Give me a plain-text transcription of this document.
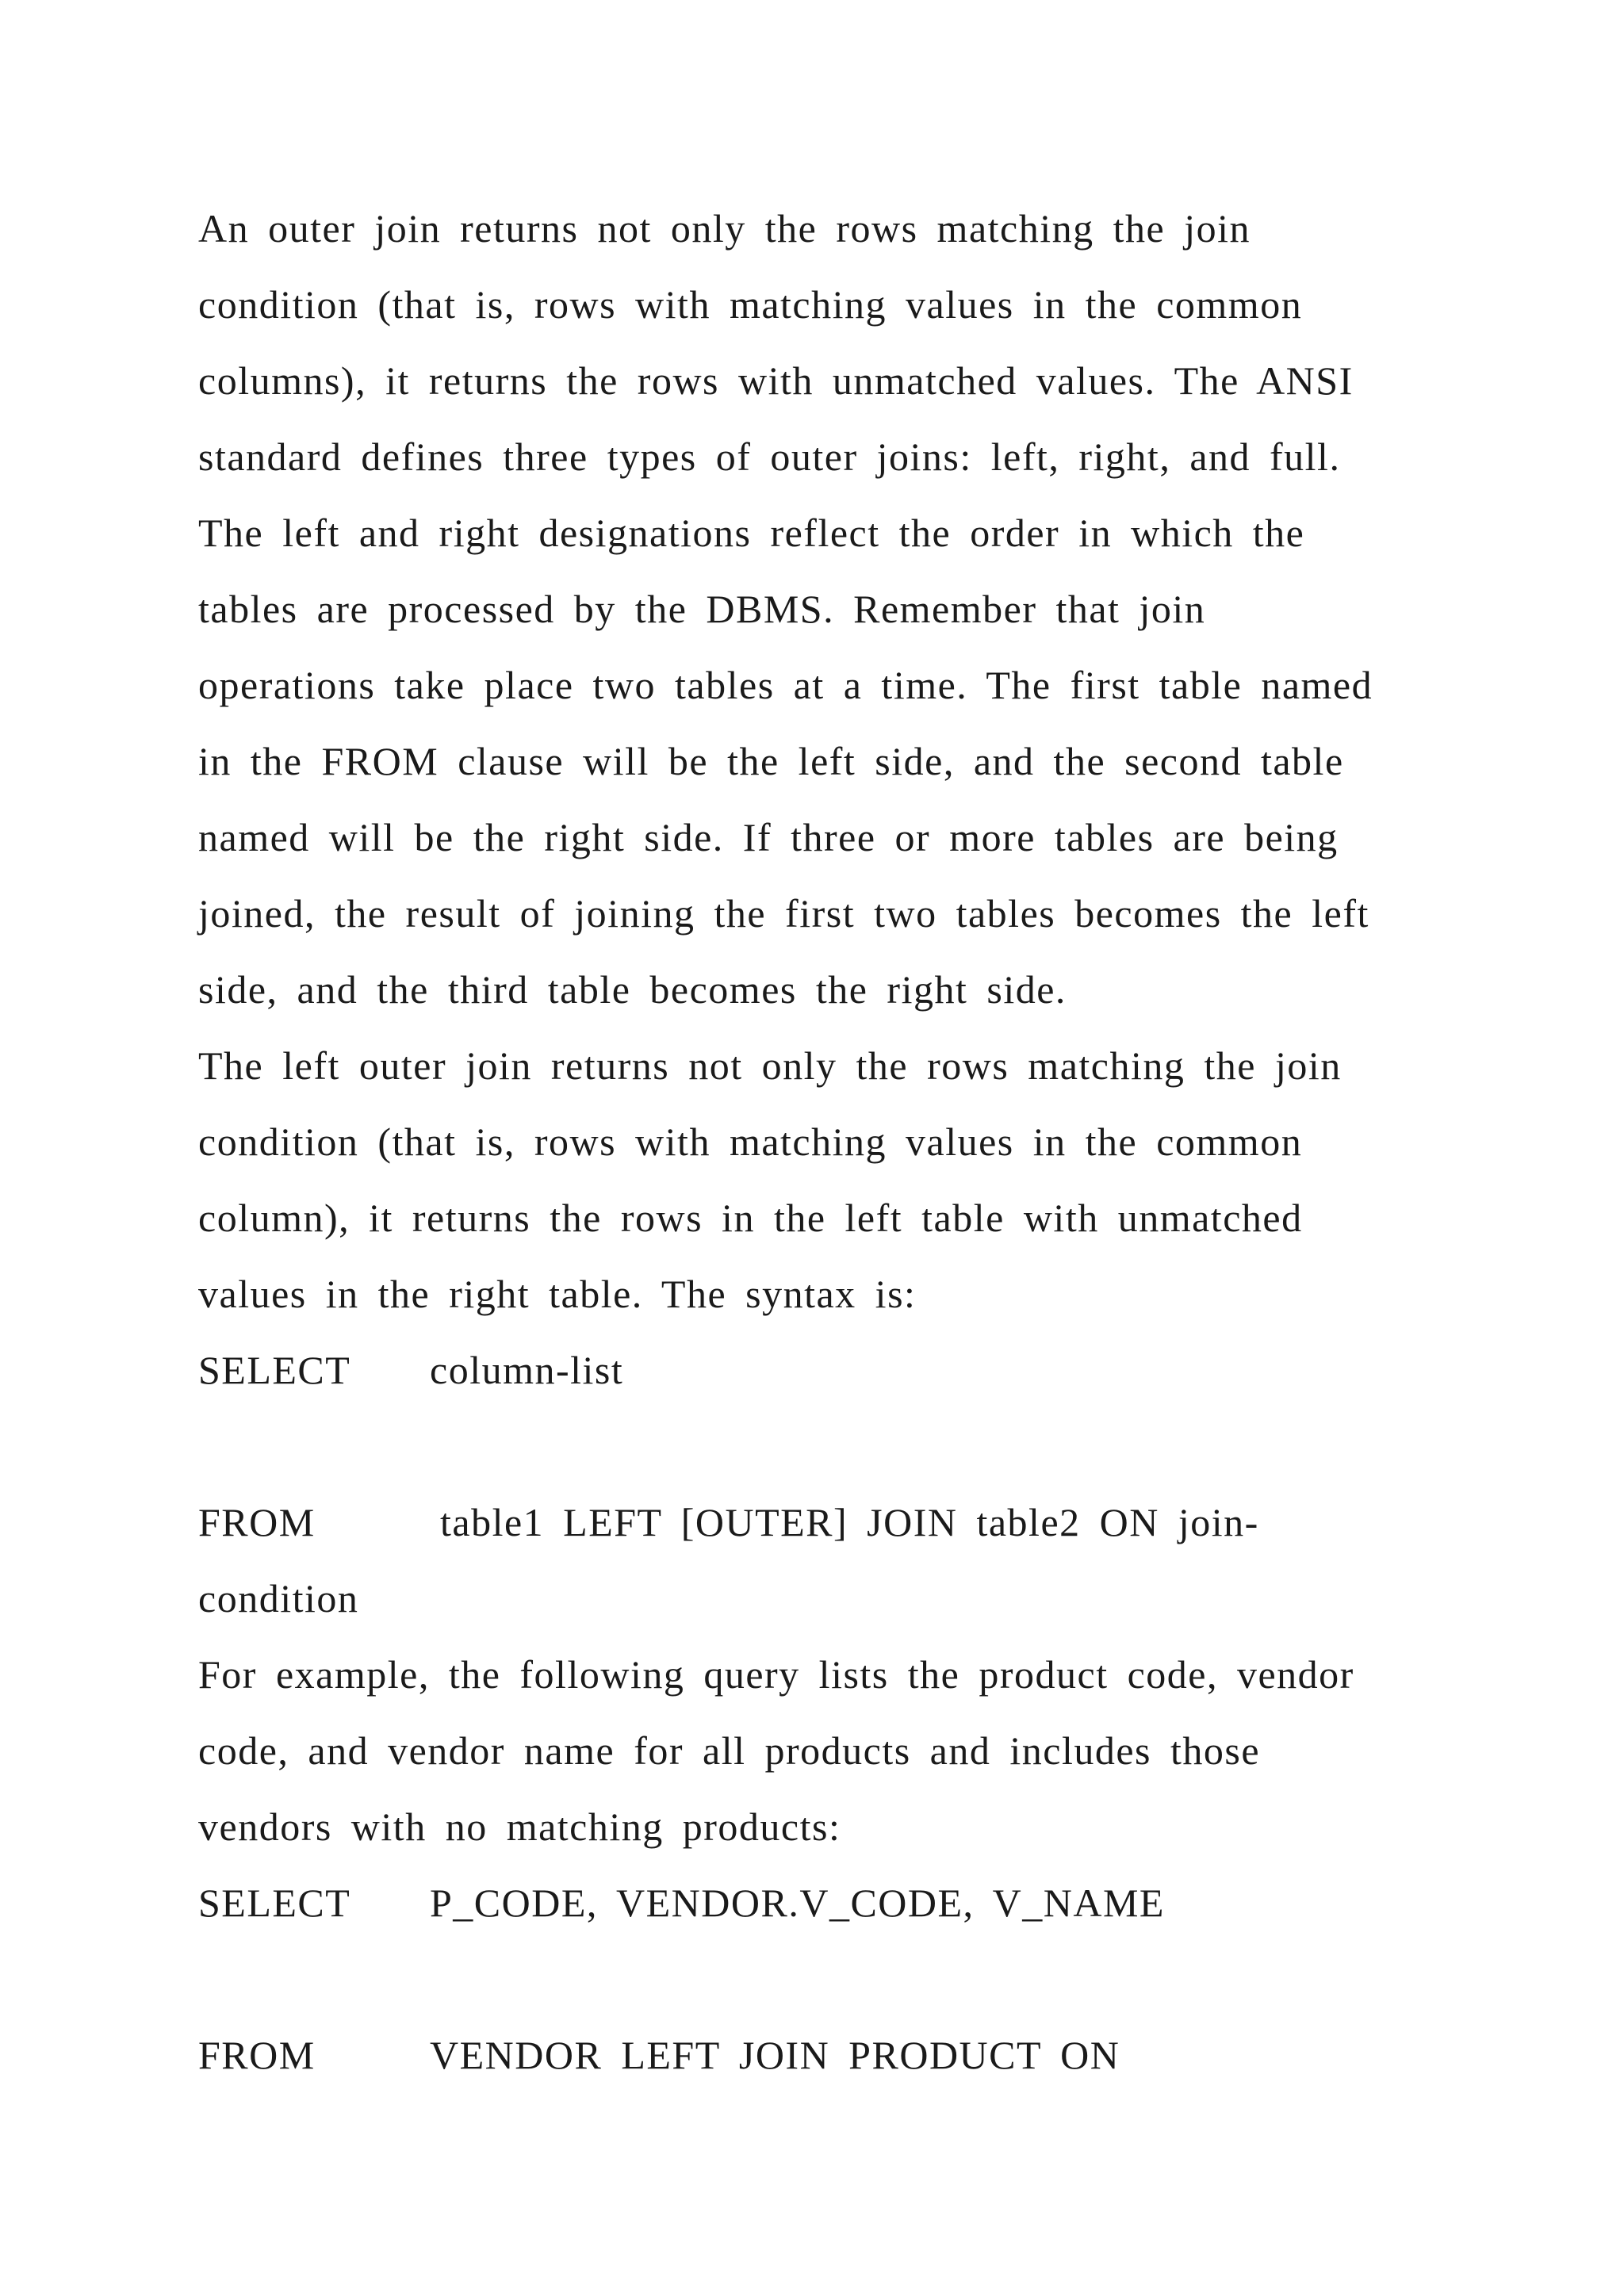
An outer join returns not only the rows matching the join
condition (that is, rows with matching values in the common
columns), it returns the rows with unmatched values. The ANSI
standard defines three types of outer joins: left, right, and full.
The left and right designations reflect the order in which the
tables are processed by the DBMS. Remember that join
operations take place two tables at a time. The first table named
in the FROM clause will be the left side, and the second table
named will be the right side. If three or more tables are being
joined, the result of joining the first two tables becomes the left
side, and the third table becomes the right side.
The left outer join returns not only the rows matching the join
condition (that is, rows with matching values in the common
column), it returns the rows in the left table with unmatched
values in the right table. The syntax is:
SELECT column-list
FROM	table1 LEFT [OUTER] JOIN table2 ON join-
condition
For example, the following query lists the product code, vendor
code, and vendor name for all products and includes those
vendors with no matching products:
SELECT P_CODE, VENDOR.V_CODE, V_NAME
FROM	VENDOR LEFT JOIN PRODUCT ON
